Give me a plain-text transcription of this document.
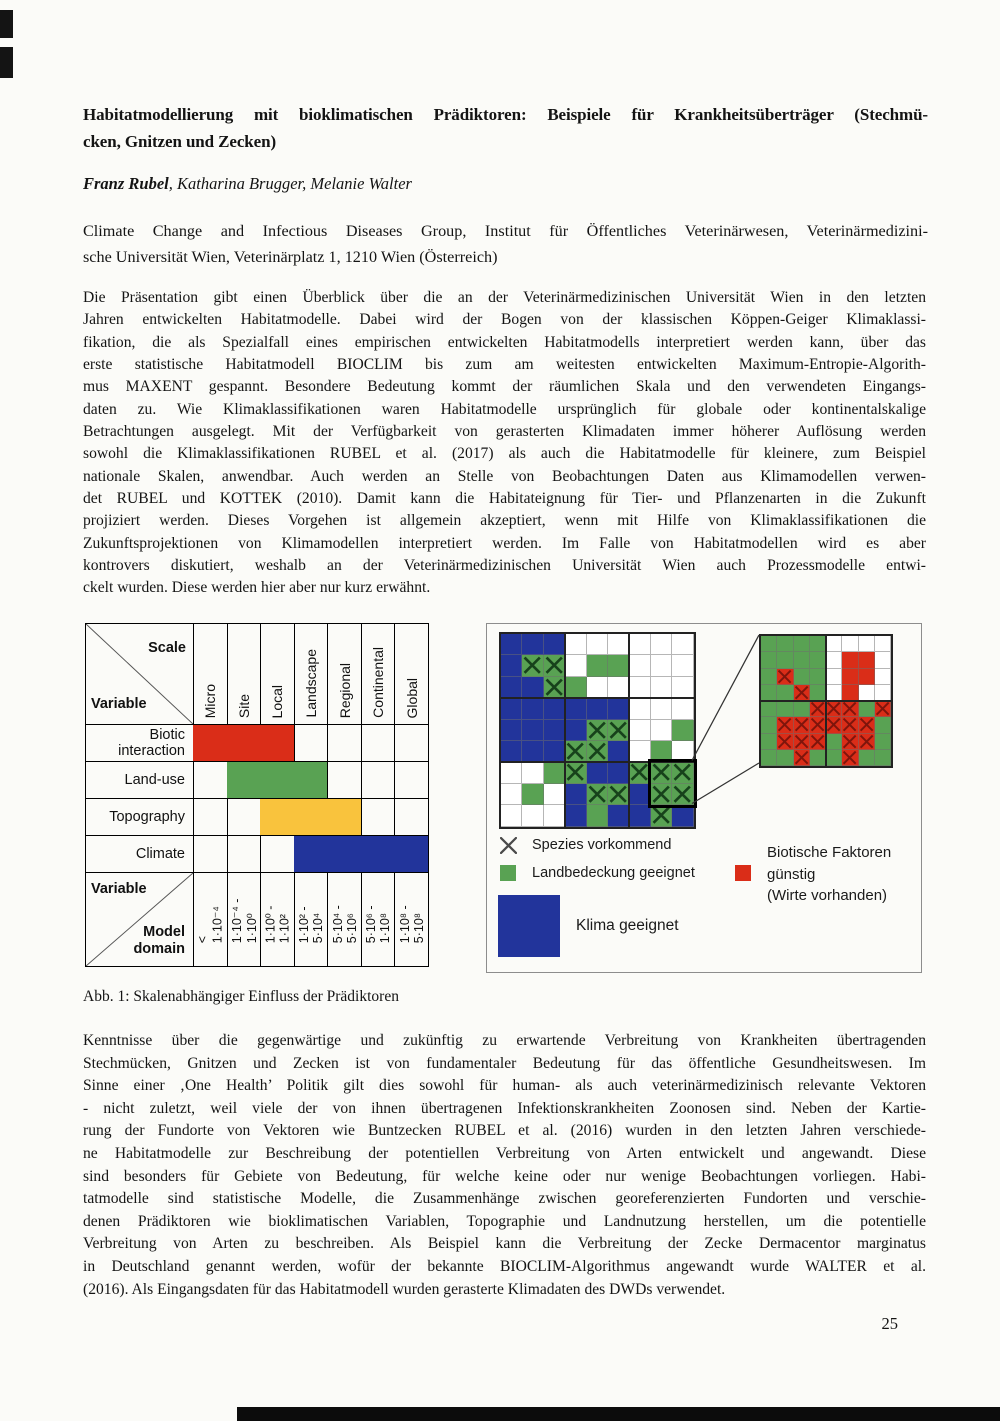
Habitatmodellierung mit bioklimatischen Prädiktoren: Beispiele für Krankheitsüberträger (Stechmü-
cken, Gnitzen und Zecken)
Franz Rubel, Katharina Brugger, Melanie Walter
Climate Change and Infectious Diseases Group, Institut für Öffentliches Veterinärwesen, Veterinärmedizini-
sche Universität Wien, Veterinärplatz 1, 1210 Wien (Österreich)
Die Präsentation gibt einen Überblick über die an der Veterinärmedizinischen Universität Wien in den letzten
Jahren entwickelten Habitatmodelle. Dabei wird der Bogen von der klassischen Köppen-Geiger Klimaklassi-
fikation, die als Spezialfall eines empirischen entwickelten Habitatmodells interpretiert werden kann, über das
erste statistische Habitatmodell BIOCLIM bis zum am weitesten entwickelten Maximum-Entropie-Algorith-
mus MAXENT gespannt. Besondere Bedeutung kommt der räumlichen Skala und den verwendeten Eingangs-
daten zu. Wie Klimaklassifikationen waren Habitatmodelle ursprünglich für globale oder kontinentalskalige
Betrachtungen ausgelegt. Mit der Verfügbarkeit von gerasterten Klimadaten immer höherer Auflösung werden
sowohl die Klimaklassifikationen RUBEL et al. (2017) als auch die Habitatmodelle für kleinere, zum Beispiel
nationale Skalen, anwendbar. Auch werden an Stelle von Beobachtungen Daten aus Klimamodellen verwen-
det RUBEL und KOTTEK (2010). Damit kann die Habitateignung für Tier- und Pflanzenarten in die Zukunft
projiziert werden. Dieses Vorgehen ist allgemein akzeptiert, wenn mit Hilfe von Klimaklassifikationen die
Zukunftsprojektionen von Klimamodellen interpretiert werden. Im Falle von Habitatmodellen wird es aber
kontrovers diskutiert, weshalb an der Veterinärmedizinischen Universität Wien auch Prozessmodelle entwi-
ckelt wurden. Diese werden hier aber nur kurz erwähnt.
Scale
Variable	Micro Site Local Landscape Regional Continental Global
Biotic interaction
Land-use
Topography
Climate
Variable
Model domain
< 1·10⁻⁴ 1·10⁻⁴ - 1·10⁰ 1·10⁰ - 1·10² 1·10² - 5·10⁴ 5·10⁴ - 5·10⁶ 5·10⁶ - 1·10⁸ 1·10⁸ - 5·10⁸
Spezies vorkommend
Landbedeckung geeignet
Klima geeignet
Biotische Faktoren
günstig
(Wirte vorhanden)
Abb. 1: Skalenabhängiger Einfluss der Prädiktoren
Kenntnisse über die gegenwärtige und zukünftig zu erwartende Verbreitung von Krankheiten übertragenden
Stechmücken, Gnitzen und Zecken ist von fundamentaler Bedeutung für das öffentliche Gesundheitswesen. Im
Sinne einer ‚One Health’ Politik gilt dies sowohl für human- als auch veterinärmedizinisch relevante Vektoren
- nicht zuletzt, weil viele der von ihnen übertragenen Infektionskrankheiten Zoonosen sind. Neben der Kartie-
rung der Fundorte von Vektoren wie Buntzecken RUBEL et al. (2016) wurden in den letzten Jahren verschiede-
ne Habitatmodelle zur Beschreibung der potentiellen Verbreitung von Arten entwickelt und angewandt. Diese
sind besonders für Gebiete von Bedeutung, für welche keine oder nur wenige Beobachtungen vorliegen. Habi-
tatmodelle sind statistische Modelle, die Zusammenhänge zwischen georeferenzierten Fundorten und verschie-
denen Prädiktoren wie bioklimatischen Variablen, Topographie und Landnutzung herstellen, um die potentielle
Verbreitung von Arten zu beschreiben. Als Beispiel kann die Verbreitung der Zecke Dermacentor marginatus
in Deutschland genannt werden, wofür der bekannte BIOCLIM-Algorithmus angewandt wurde WALTER et al.
(2016). Als Eingangsdaten für das Habitatmodell wurden gerasterte Klimadaten des DWDs verwendet.
25
